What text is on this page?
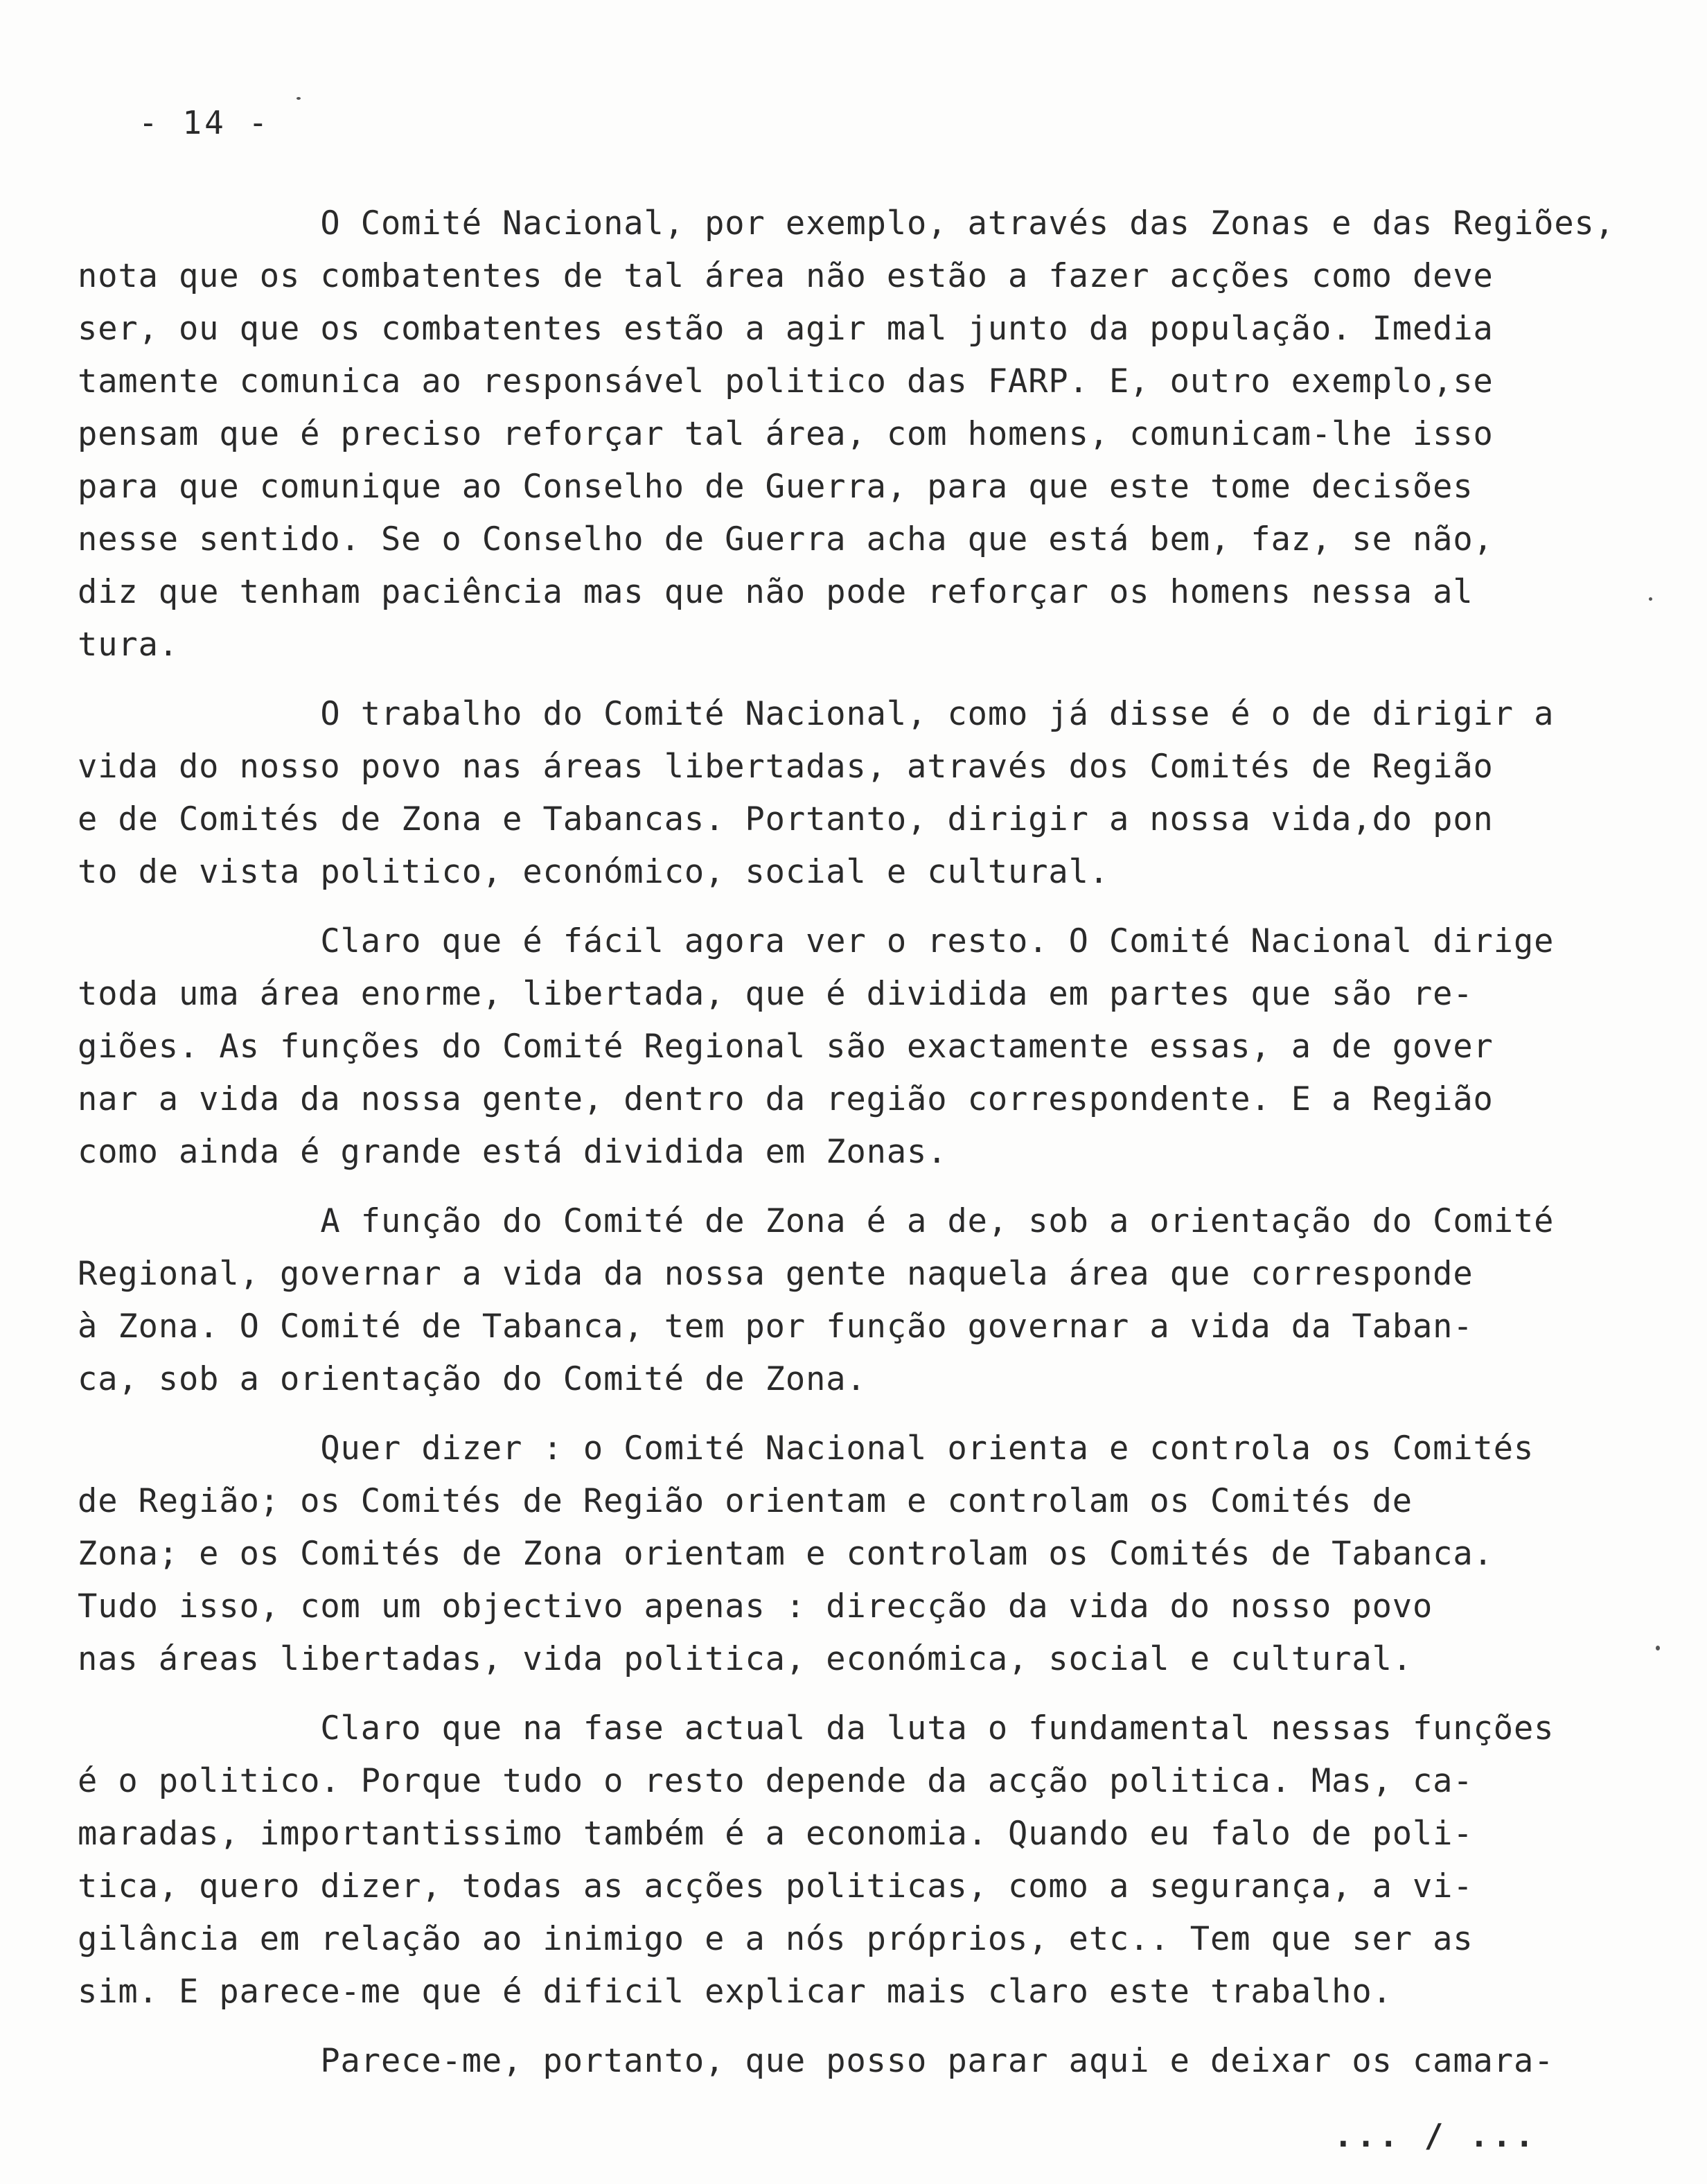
- 14 -
O Comité Nacional, por exemplo, através das Zonas e das Regiões,
nota que os combatentes de tal área não estão a fazer acções como deve
ser, ou que os combatentes estão a agir mal junto da população. Imedia
tamente comunica ao responsável politico das FARP. E, outro exemplo,se
pensam que é preciso reforçar tal área, com homens, comunicam-lhe isso
para que comunique ao Conselho de Guerra, para que este tome decisões
nesse sentido. Se o Conselho de Guerra acha que está bem, faz, se não,
diz que tenham paciência mas que não pode reforçar os homens nessa al
tura.
O trabalho do Comité Nacional, como já disse é o de dirigir a
vida do nosso povo nas áreas libertadas, através dos Comités de Região
e de Comités de Zona e Tabancas. Portanto, dirigir a nossa vida,do pon
to de vista politico, económico, social e cultural.
Claro que é fácil agora ver o resto. O Comité Nacional dirige
toda uma área enorme, libertada, que é dividida em partes que são re-
giões. As funções do Comité Regional são exactamente essas, a de gover
nar a vida da nossa gente, dentro da região correspondente. E a Região
como ainda é grande está dividida em Zonas.
A função do Comité de Zona é a de, sob a orientação do Comité
Regional, governar a vida da nossa gente naquela área que corresponde
à Zona. O Comité de Tabanca, tem por função governar a vida da Taban-
ca, sob a orientação do Comité de Zona.
Quer dizer : o Comité Nacional orienta e controla os Comités
de Região; os Comités de Região orientam e controlam os Comités de
Zona; e os Comités de Zona orientam e controlam os Comités de Tabanca.
Tudo isso, com um objectivo apenas : direcção da vida do nosso povo
nas áreas libertadas, vida politica, económica, social e cultural.
Claro que na fase actual da luta o fundamental nessas funções
é o politico. Porque tudo o resto depende da acção politica. Mas, ca-
maradas, importantissimo também é a economia. Quando eu falo de poli-
tica, quero dizer, todas as acções politicas, como a segurança, a vi-
gilância em relação ao inimigo e a nós próprios, etc.. Tem que ser as
sim. E parece-me que é dificil explicar mais claro este trabalho.
Parece-me, portanto, que posso parar aqui e deixar os camara-
... / ...
